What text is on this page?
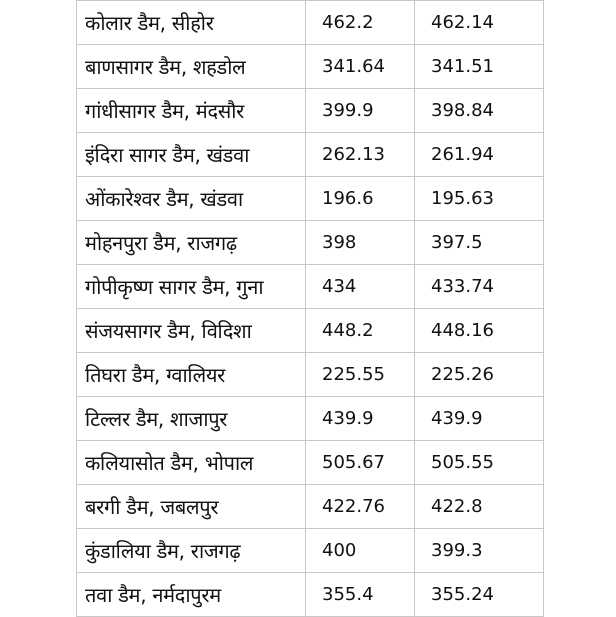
कोलार डैम, सीहोर	462.2	462.14
बाणसागर डैम, शहडोल	341.64	341.51
गांधीसागर डैम, मंदसौर	399.9	398.84
इंदिरा सागर डैम, खंडवा	262.13	261.94
ओंकारेश्वर डैम, खंडवा	196.6	195.63
मोहनपुरा डैम, राजगढ़	398	397.5
गोपीकृष्ण सागर डैम, गुना	434	433.74
संजयसागर डैम, विदिशा	448.2	448.16
तिघरा डैम, ग्वालियर	225.55	225.26
टिल्लर डैम, शाजापुर	439.9	439.9
कलियासोत डैम, भोपाल	505.67	505.55
बरगी डैम, जबलपुर	422.76	422.8
कुंडालिया डैम, राजगढ़	400	399.3
तवा डैम, नर्मदापुरम	355.4	355.24
